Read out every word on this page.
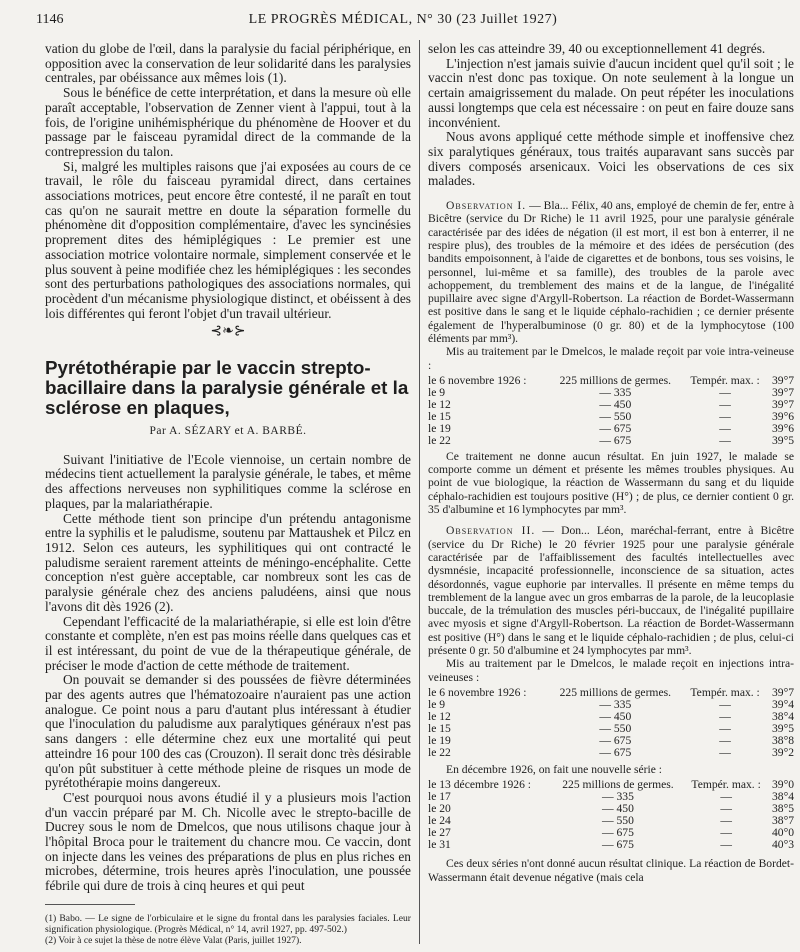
1146	LE PROGRÈS MÉDICAL, N° 30 (23 Juillet 1927)

vation du globe de l'œil, dans la paralysie du facial périphérique, en opposition avec la conservation de leur solidarité dans les paralysies centrales, par obéissance aux mêmes lois (1).

Sous le bénéfice de cette interprétation, et dans la mesure où elle paraît acceptable, l'observation de Zenner vient à l'appui, tout à la fois, de l'origine unihémisphérique du phénomène de Hoover et du passage par le faisceau pyramidal direct de la commande de la contrepression du talon.

Si, malgré les multiples raisons que j'ai exposées au cours de ce travail, le rôle du faisceau pyramidal direct, dans certaines associations motrices, peut encore être contesté, il ne paraît en tout cas qu'on ne saurait mettre en doute la séparation formelle du phénomène dit d'opposition complémentaire, d'avec les syncinésies proprement dites des hémiplégiques : Le premier est une association motrice volontaire normale, simplement conservée et le plus souvent à peine modifiée chez les hémiplégiques : les secondes sont des perturbations pathologiques des associations normales, qui procèdent d'un mécanisme physiologique distinct, et obéissent à des lois différentes qui feront l'objet d'un travail ultérieur.

⊰❧⊱
Pyrétothérapie par le vaccin strepto-bacillaire dans la paralysie générale et la sclérose en plaques,
Par A. SÉZARY et A. BARBÉ.

Suivant l'initiative de l'Ecole viennoise, un certain nombre de médecins tient actuellement la paralysie générale, le tabes, et même des affections nerveuses non syphilitiques comme la sclérose en plaques, par la malariathérapie.

Cette méthode tient son principe d'un prétendu antagonisme entre la syphilis et le paludisme, soutenu par Mattaushek et Pilcz en 1912. Selon ces auteurs, les syphilitiques qui ont contracté le paludisme seraient rarement atteints de méningo-encéphalite. Cette conception n'est guère acceptable, car nombreux sont les cas de paralysie générale chez des anciens paludéens, ainsi que nous l'avons dit dès 1926 (2).

Cependant l'efficacité de la malariathérapie, si elle est loin d'être constante et complète, n'en est pas moins réelle dans quelques cas et il est intéressant, du point de vue de la thérapeutique générale, de préciser le mode d'action de cette méthode de traitement.

On pouvait se demander si des poussées de fièvre déterminées par des agents autres que l'hématozoaire n'auraient pas une action analogue. Ce point nous a paru d'autant plus intéressant à étudier que l'inoculation du paludisme aux paralytiques généraux n'est pas sans dangers : elle détermine chez eux une mortalité qui peut atteindre 16 pour 100 des cas (Crouzon). Il serait donc très désirable qu'on pût substituer à cette méthode pleine de risques un mode de pyrétothérapie moins dangereux.

C'est pourquoi nous avons étudié il y a plusieurs mois l'action d'un vaccin préparé par M. Ch. Nicolle avec le strepto-bacille de Ducrey sous le nom de Dmelcos, que nous utilisons chaque jour à l'hôpital Broca pour le traitement du chancre mou. Ce vaccin, dont on injecte dans les veines des préparations de plus en plus riches en microbes, détermine, trois heures après l'inoculation, une poussée fébrile qui dure de trois à cinq heures et qui peut

(1) Babo. — Le signe de l'orbiculaire et le signe du frontal dans les paralysies faciales. Leur signification physiologique. (Progrès Médical, n° 14, avril 1927, pp. 497-502.)

(2) Voir à ce sujet la thèse de notre élève Valat (Paris, juillet 1927).

selon les cas atteindre 39, 40 ou exceptionnellement 41 degrés.

L'injection n'est jamais suivie d'aucun incident quel qu'il soit ; le vaccin n'est donc pas toxique. On note seulement à la longue un certain amaigrissement du malade. On peut répéter les inoculations aussi longtemps que cela est nécessaire : on peut en faire douze sans inconvénient.

Nous avons appliqué cette méthode simple et inoffensive chez six paralytiques généraux, tous traités auparavant sans succès par divers composés arsenicaux. Voici les observations de ces six malades.

Observation I. — Bla... Félix, 40 ans, employé de chemin de fer, entre à Bicêtre (service du Dr Riche) le 11 avril 1925, pour une paralysie générale caractérisée par des idées de négation (il est mort, il est bon à enterrer, il ne respire plus), des troubles de la mémoire et des idées de persécution (des bandits empoisonnent, à l'aide de cigarettes et de bonbons, tous ses voisins, le personnel, lui-même et sa famille), des troubles de la parole avec achoppement, du tremblement des mains et de la langue, de l'inégalité pupillaire avec signe d'Argyll-Robertson. La réaction de Bordet-Wassermann est positive dans le sang et le liquide céphalo-rachidien ; ce dernier présente également de l'hyperalbuminose (0 gr. 80) et de la lymphocytose (100 éléments par mm³).

Mis au traitement par le Dmelcos, le malade reçoit par voie intra-veineuse :

le 6 novembre 1926 :	225 millions de germes.	Tempér. max. :	39°7
le 9	— 335	—	39°7
le 12	— 450	—	39°7
le 15	— 550	—	39°6
le 19	— 675	—	39°6
le 22	— 675	—	39°5

Ce traitement ne donne aucun résultat. En juin 1927, le malade se comporte comme un dément et présente les mêmes troubles physiques. Au point de vue biologique, la réaction de Wassermann du sang et du liquide céphalo-rachidien est toujours positive (H°) ; de plus, ce dernier contient 0 gr. 35 d'albumine et 16 lymphocytes par mm³.

Observation II. — Don... Léon, maréchal-ferrant, entre à Bicêtre (service du Dr Riche) le 20 février 1925 pour une paralysie générale caractérisée par de l'affaiblissement des facultés intellectuelles avec dysmnésie, incapacité professionnelle, inconscience de sa situation, actes désordonnés, vague euphorie par intervalles. Il présente en même temps du tremblement de la langue avec un gros embarras de la parole, de la leucoplasie buccale, de la trémulation des muscles péri-buccaux, de l'inégalité pupillaire avec myosis et signe d'Argyll-Robertson. La réaction de Bordet-Wassermann est positive (H°) dans le sang et le liquide céphalo-rachidien ; de plus, celui-ci présente 0 gr. 50 d'albumine et 24 lymphocytes par mm³.

Mis au traitement par le Dmelcos, le malade reçoit en injections intra-veineuses :

le 6 novembre 1926 :	225 millions de germes.	Tempér. max. :	39°7
le 9	— 335	—	39°4
le 12	— 450	—	38°4
le 15	— 550	—	39°5
le 19	— 675	—	38°8
le 22	— 675	—	39°2

En décembre 1926, on fait une nouvelle série :

le 13 décembre 1926 :	225 millions de germes.	Tempér. max. :	39°0
le 17	— 335	—	38°4
le 20	— 450	—	38°5
le 24	— 550	—	38°7
le 27	— 675	—	40°0
le 31	— 675	—	40°3

Ces deux séries n'ont donné aucun résultat clinique. La réaction de Bordet-Wassermann était devenue négative (mais cela
